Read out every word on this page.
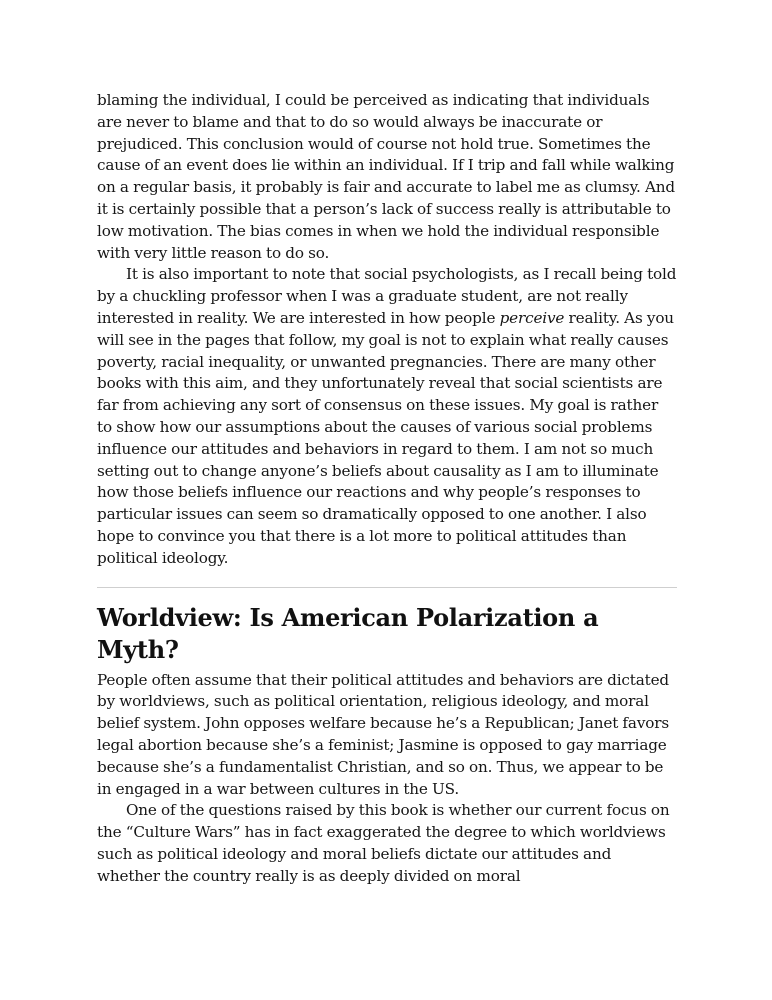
blaming the individual, I could be perceived as indicating that individuals are never to blame and that to do so would always be inaccurate or prejudiced. This conclusion would of course not hold true. Sometimes the cause of an event does lie within an individual. If I trip and fall while walking on a regular basis, it probably is fair and accurate to label me as clumsy. And it is certainly possible that a person’s lack of success really is attributable to low motivation. The bias comes in when we hold the individual responsible with very little reason to do so.

It is also important to note that social psychologists, as I recall being told by a chuckling professor when I was a graduate student, are not really interested in reality. We are interested in how people perceive reality. As you will see in the pages that follow, my goal is not to explain what really causes poverty, racial inequality, or unwanted pregnancies. There are many other books with this aim, and they unfortunately reveal that social scientists are far from achieving any sort of consensus on these issues. My goal is rather to show how our assumptions about the causes of various social problems influence our attitudes and behaviors in regard to them. I am not so much setting out to change anyone’s beliefs about causality as I am to illuminate how those beliefs influence our reactions and why people’s responses to particular issues can seem so dramatically opposed to one another. I also hope to convince you that there is a lot more to political attitudes than political ideology.

Worldview: Is American Polarization a Myth?

People often assume that their political attitudes and behaviors are dictated by worldviews, such as political orientation, religious ideology, and moral belief system. John opposes welfare because he’s a Republican; Janet favors legal abortion because she’s a feminist; Jasmine is opposed to gay marriage because she’s a fundamentalist Christian, and so on. Thus, we appear to be in engaged in a war between cultures in the US.

One of the questions raised by this book is whether our current focus on the “Culture Wars” has in fact exaggerated the degree to which worldviews such as political ideology and moral beliefs dictate our attitudes and whether the country really is as deeply divided on moral
